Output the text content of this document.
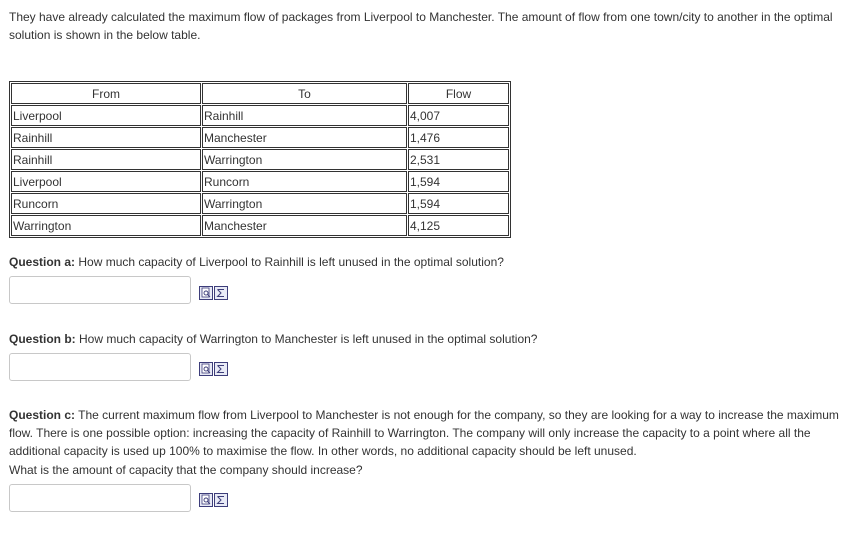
They have already calculated the maximum flow of packages from Liverpool to Manchester. The amount of flow from one town/city to another in the optimal solution is shown in the below table.
From	To	Flow
Liverpool	Rainhill	4,007
Rainhill	Manchester	1,476
Rainhill	Warrington	2,531
Liverpool	Runcorn	1,594
Runcorn	Warrington	1,594
Warrington	Manchester	4,125
Question a: How much capacity of Liverpool to Rainhill is left unused in the optimal solution?
Question b: How much capacity of Warrington to Manchester is left unused in the optimal solution?
Question c: The current maximum flow from Liverpool to Manchester is not enough for the company, so they are looking for a way to increase the maximum flow. There is one possible option: increasing the capacity of Rainhill to Warrington. The company will only increase the capacity to a point where all the additional capacity is used up 100% to maximise the flow. In other words, no additional capacity should be left unused.
What is the amount of capacity that the company should increase?
